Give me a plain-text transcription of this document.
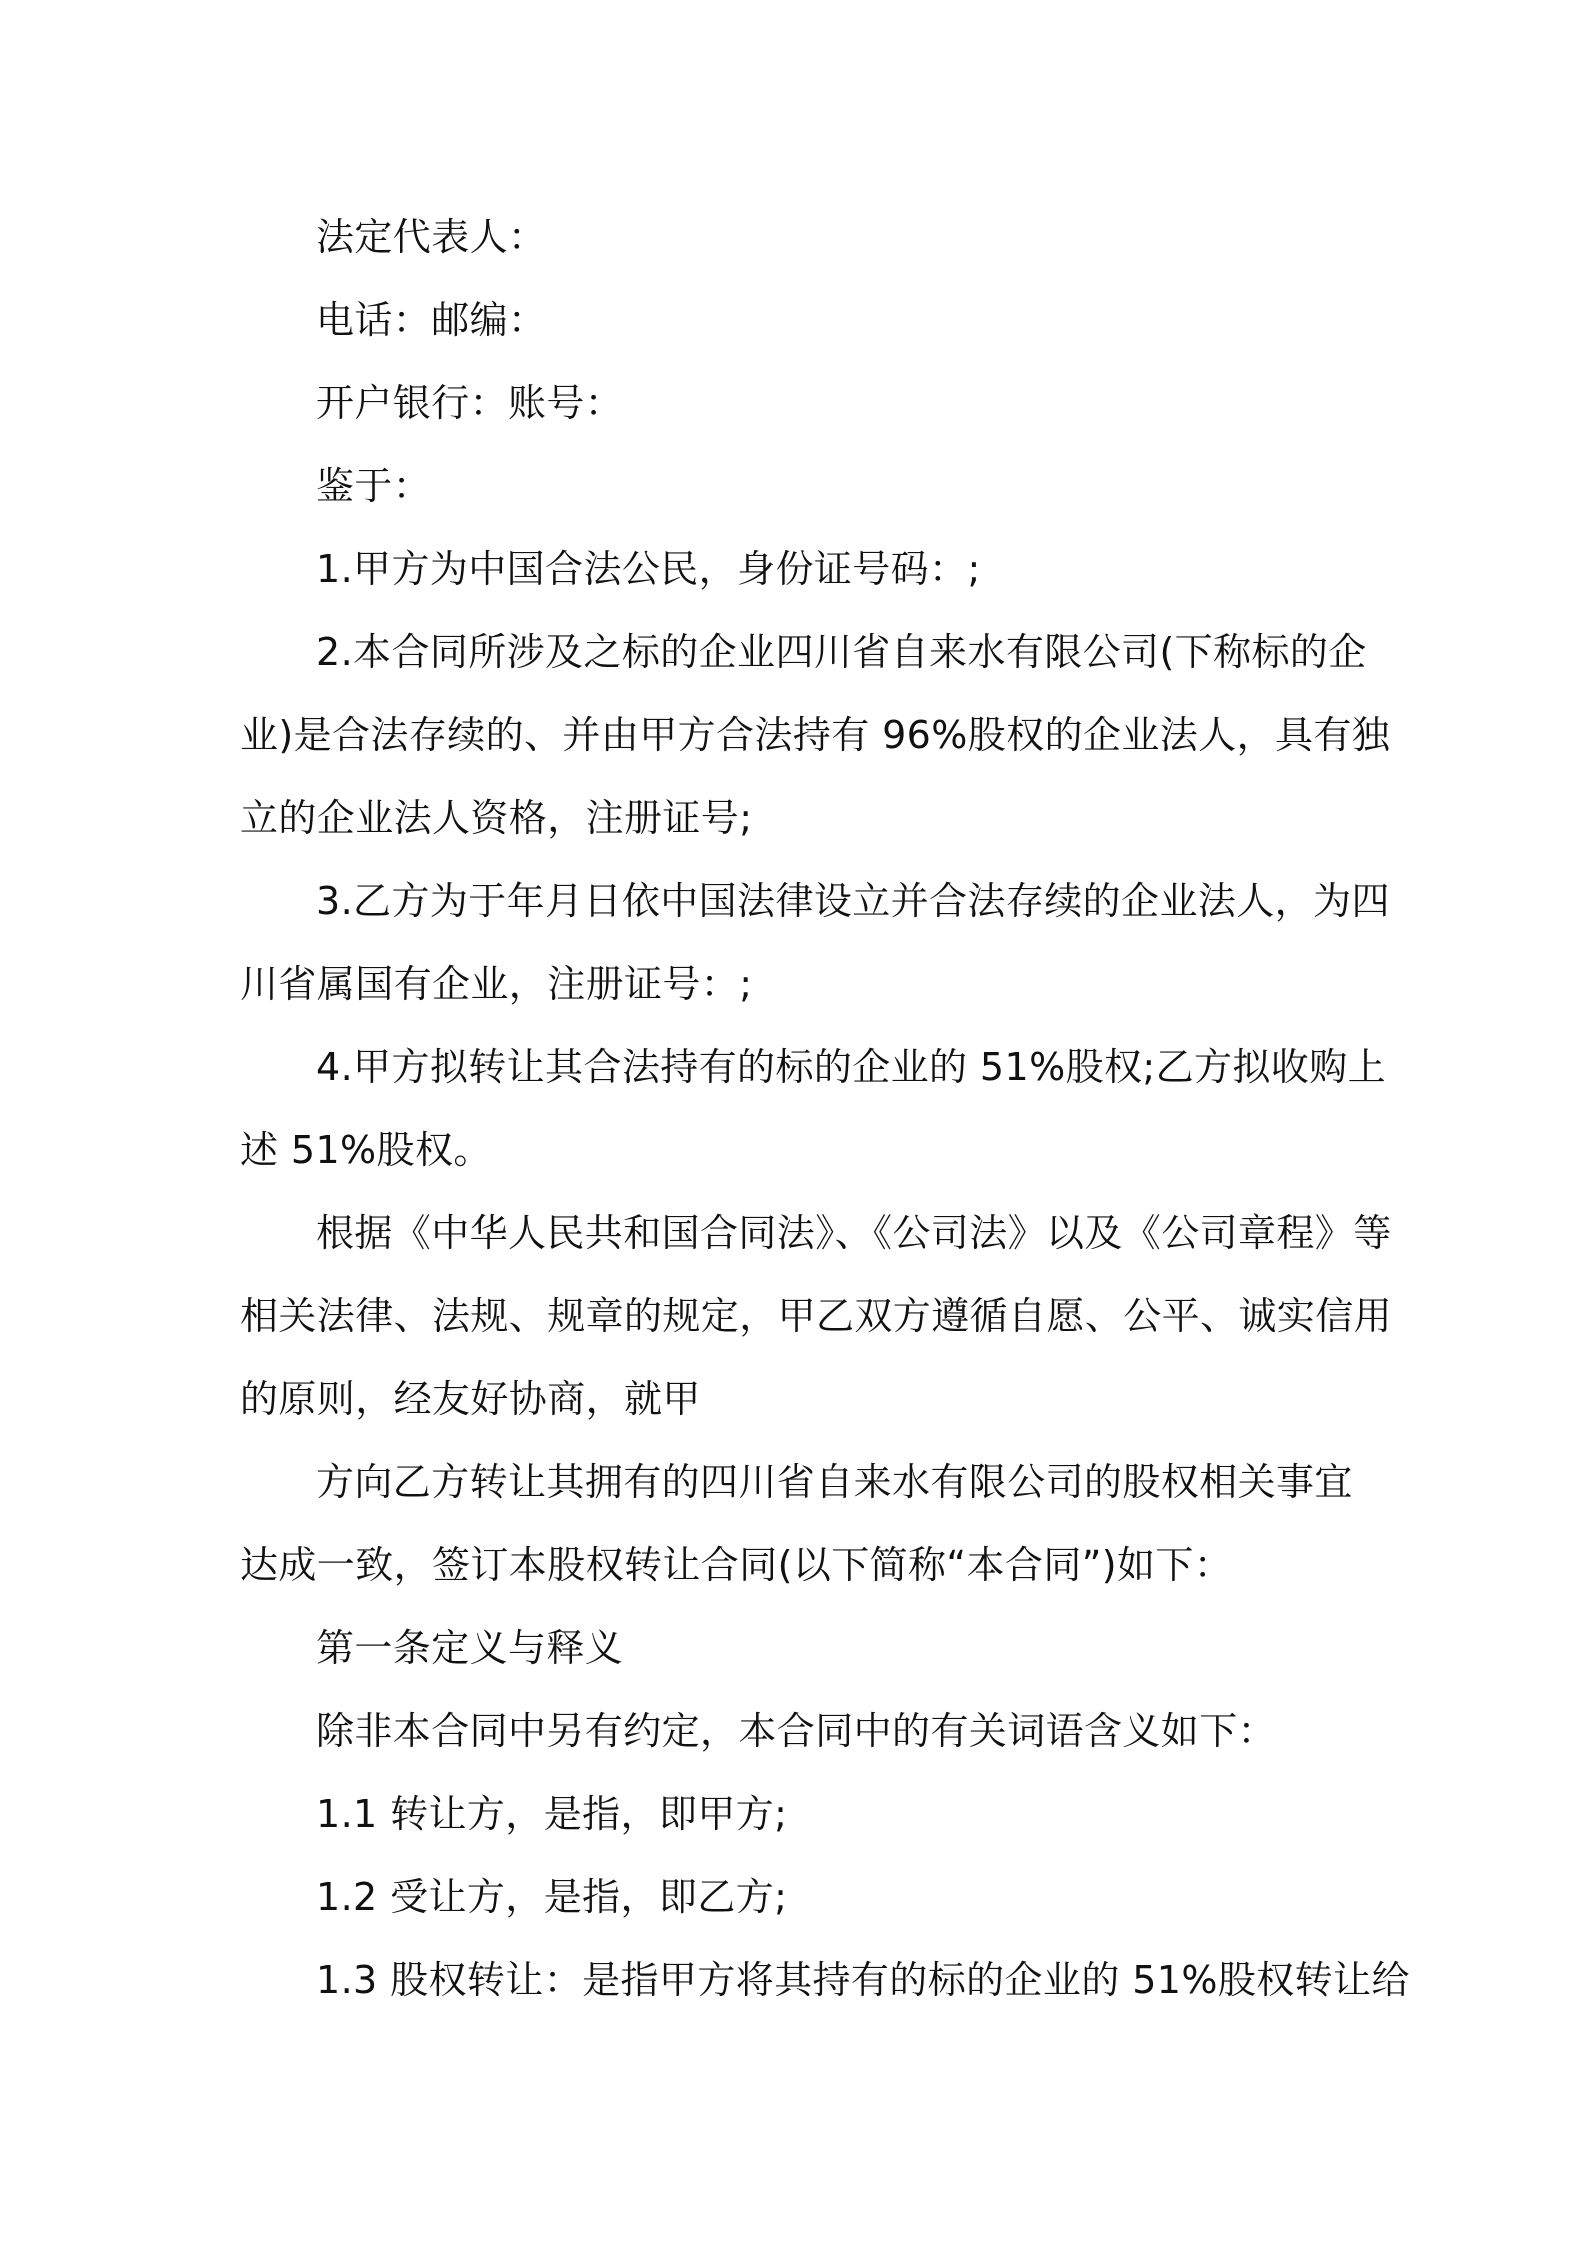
法定代表人：
电话：邮编：
开户银行：账号：
鉴于：
1.甲方为中国合法公民，身份证号码：;
2.本合同所涉及之标的企业四川省自来水有限公司(下称标的企
业)是合法存续的、并由甲方合法持有 96%股权的企业法人，具有独
立的企业法人资格，注册证号;
3.乙方为于年月日依中国法律设立并合法存续的企业法人，为四
川省属国有企业，注册证号：;
4.甲方拟转让其合法持有的标的企业的 51%股权;乙方拟收购上
述 51%股权。
根据《中华人民共和国合同法》、《公司法》以及《公司章程》等
相关法律、法规、规章的规定，甲乙双方遵循自愿、公平、诚实信用
的原则，经友好协商，就甲
方向乙方转让其拥有的四川省自来水有限公司的股权相关事宜
达成一致，签订本股权转让合同(以下简称“本合同”)如下：
第一条定义与释义
除非本合同中另有约定，本合同中的有关词语含义如下：
1.1 转让方，是指，即甲方;
1.2 受让方，是指，即乙方;
1.3 股权转让：是指甲方将其持有的标的企业的 51%股权转让给
